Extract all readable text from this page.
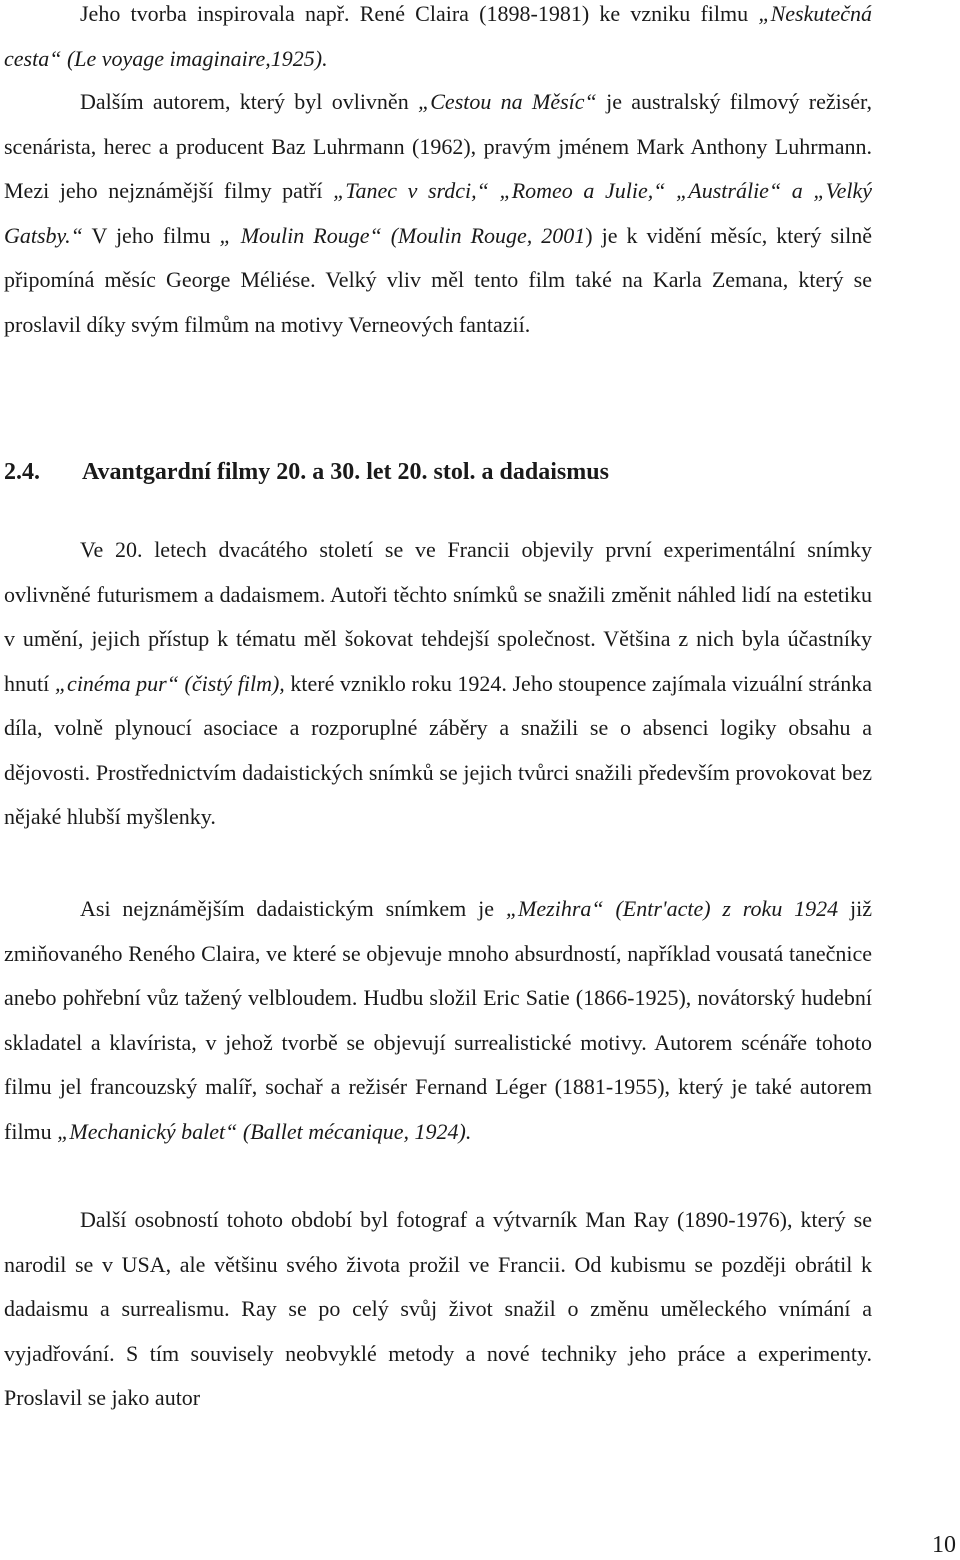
Jeho tvorba inspirovala např. René Claira (1898-1981) ke vzniku filmu „Neskutečná cesta“ (Le voyage imaginaire,1925).

Dalším autorem, který byl ovlivněn „Cestou na Měsíc“ je australský filmový režisér, scenárista, herec a producent Baz Luhrmann (1962), pravým jménem Mark Anthony Luhrmann. Mezi jeho nejznámější filmy patří „Tanec v srdci,“ „Romeo a Julie,“ „Austrálie“ a „Velký Gatsby.“ V jeho filmu „ Moulin Rouge“ (Moulin Rouge, 2001) je k vidění měsíc, který silně připomíná měsíc George Méliése. Velký vliv měl tento film také na Karla Zemana, který se proslavil díky svým filmům na motivy Verneových fantazií.

2.4. Avantgardní filmy 20. a 30. let 20. stol. a dadaismus

Ve 20. letech dvacátého století se ve Francii objevily první experimentální snímky ovlivněné futurismem a dadaismem. Autoři těchto snímků se snažili změnit náhled lidí na estetiku v umění, jejich přístup k tématu měl šokovat tehdejší společnost. Většina z nich byla účastníky hnutí „cinéma pur“ (čistý film), které vzniklo roku 1924. Jeho stoupence zajímala vizuální stránka díla, volně plynoucí asociace a rozporuplné záběry a snažili se o absenci logiky obsahu a dějovosti. Prostřednictvím dadaistických snímků se jejich tvůrci snažili především provokovat bez nějaké hlubší myšlenky.

Asi nejznámějším dadaistickým snímkem je „Mezihra“ (Entr'acte) z roku 1924 již zmiňovaného Reného Claira, ve které se objevuje mnoho absurdností, například vousatá tanečnice anebo pohřební vůz tažený velbloudem. Hudbu složil Eric Satie (1866-1925), novátorský hudební skladatel a klavírista, v jehož tvorbě se objevují surrealistické motivy. Autorem scénáře tohoto filmu jel francouzský malíř, sochař a režisér Fernand Léger (1881-1955), který je také autorem filmu „Mechanický balet“ (Ballet mécanique, 1924).

Další osobností tohoto období byl fotograf a výtvarník Man Ray (1890-1976), který se narodil se v USA, ale většinu svého života prožil ve Francii. Od kubismu se později obrátil k dadaismu a surrealismu. Ray se po celý svůj život snažil o změnu uměleckého vnímání a vyjadřování. S tím souvisely neobvyklé metody a nové techniky jeho práce a experimenty. Proslavil se jako autor

10
